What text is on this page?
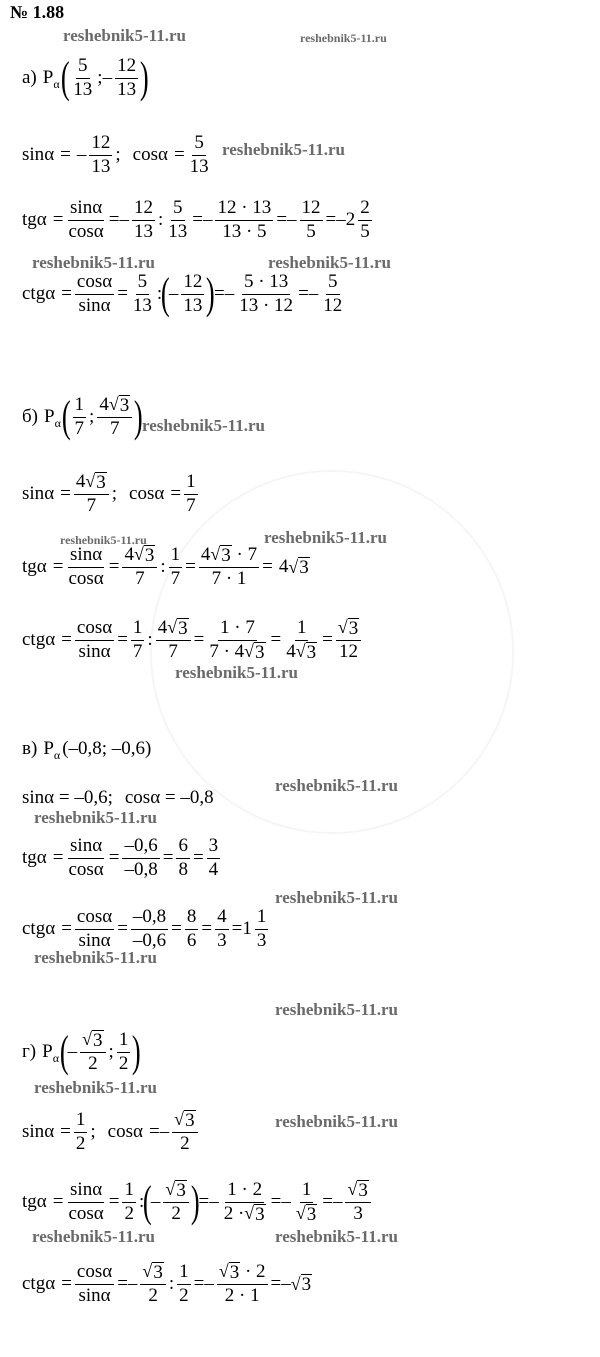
№ 1.88
reshebnik5-11.ru	reshebnik5-11.ru
а) P α ( $\frac{5}{13}$ ; – $\frac{12}{13}$ )
sin α = – $\frac{12}{13}$ ; $\cos \alpha = \frac{5}{13}$ reshebnik5-11.ru
tg $\alpha = \frac{\sin\alpha}{\cos\alpha}$ = – $\frac{12}{13}$ : $\frac{5}{13}$ = – $\frac{12 \cdot 13}{13 \cdot 5}$ = – $\frac{12}{5}$ = – $2 \frac{2}{5}$
reshebnik5-11.ru	reshebnik5-11.ru
ctg $\alpha = \frac{\cos\alpha}{\sin\alpha} = \frac{5}{13}$ :
(
– $\frac{12}{13}$ )
= – $\frac{5 \cdot 13}{13 \cdot 12}$ = – $\frac{5}{12}$
б) P α ( $\frac{1}{7}$ ; $\frac{4 √ 3}{7}$ ) reshebnik5-11.ru
$\sin \alpha = \frac{4 √ 3}{7}$ ; $\cos \alpha = \frac{1}{7}$
reshebnik5-11.ru	reshebnik5-11.ru
tg $\alpha = \frac{\sin\alpha}{\cos\alpha} = \frac{4 √ 3}{7}$ : $\frac{1}{7} = \frac{4 √ 3 \cdot 7}{7 \cdot 1} = 4$ √ 3
ctg $\alpha = \frac{\cos\alpha}{\sin\alpha} = \frac{1}{7}$ : $\frac{4 √ 3}{7} = \frac{1 \cdot 7}{7 \cdot 4 √ 3} = \frac{1}{4 √ 3} = \frac{√ 3}{12}$
reshebnik5-11.ru
в) P α (–0,8; –0,6)
reshebnik5-11.ru
sinα = –0,6; cosα = –0,8
reshebnik5-11.ru
tg $\alpha = \frac{\sin\alpha}{\cos\alpha} = \frac{-0,6}{-0,8} = \frac{6}{8} = \frac{3}{4}$
reshebnik5-11.ru
ctg $\alpha = \frac{\cos\alpha}{\sin\alpha} = \frac{-0,8}{-0,6} = \frac{8}{6} = \frac{4}{3} = 1 \frac{1}{3}$
reshebnik5-11.ru
reshebnik5-11.ru
г) P α (
– $\frac{√ 3}{2}$ ; $\frac{1}{2}$ )
reshebnik5-11.ru
$\sin \alpha = \frac{1}{2}$ ; cos α = – $\frac{√ 3}{2}$	reshebnik5-11.ru
tg $\alpha = \frac{\sin\alpha}{\cos\alpha} = \frac{1}{2}$ :
(
– $\frac{√ 3}{2}$ )
= – $\frac{1 \cdot 2}{2 \cdot √ 3}$ = – $\frac{1}{√ 3}$ = – $\frac{√ 3}{3}$
reshebnik5-11.ru	reshebnik5-11.ru
ctg $\alpha = \frac{\cos\alpha}{\sin\alpha}$ = – $\frac{√ 3}{2}$ : $\frac{1}{2}$ = – $\frac{√ 3 \cdot 2}{2 \cdot 1}$ = – √ 3
